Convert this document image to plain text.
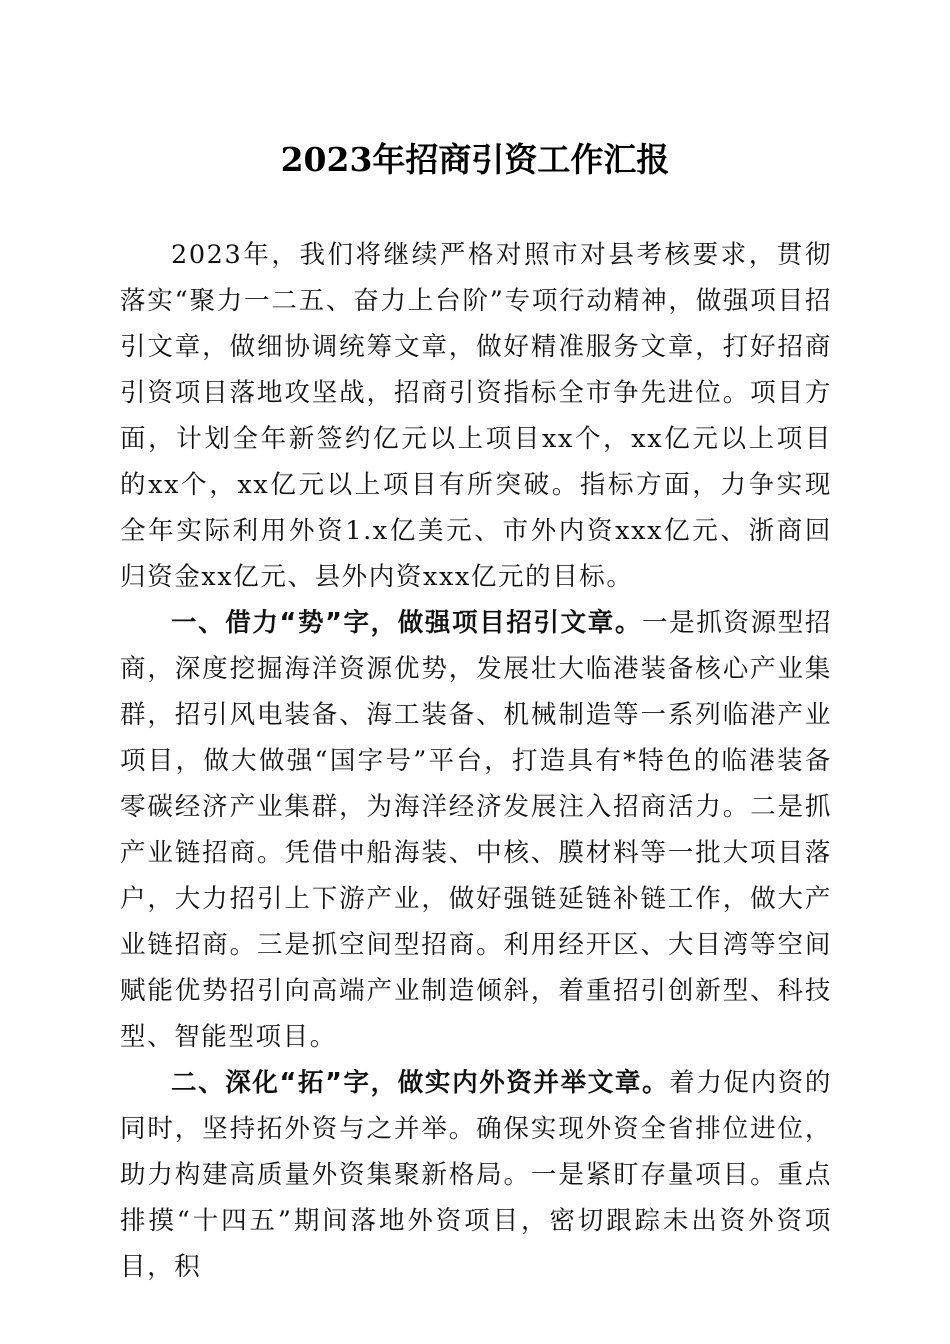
2023年招商引资工作汇报

2023年，我们将继续严格对照市对县考核要求，贯彻落实“聚力一二五、奋力上台阶”专项行动精神，做强项目招引文章，做细协调统筹文章，做好精准服务文章，打好招商引资项目落地攻坚战，招商引资指标全市争先进位。项目方面，计划全年新签约亿元以上项目xx个，xx亿元以上项目的xx个，xx亿元以上项目有所突破。指标方面，力争实现全年实际利用外资1.x亿美元、市外内资xxx亿元、浙商回归资金xx亿元、县外内资xxx亿元的目标。

一、借力“势”字，做强项目招引文章。一是抓资源型招商，深度挖掘海洋资源优势，发展壮大临港装备核心产业集群，招引风电装备、海工装备、机械制造等一系列临港产业项目，做大做强“国字号”平台，打造具有*特色的临港装备零碳经济产业集群，为海洋经济发展注入招商活力。二是抓产业链招商。凭借中船海装、中核、膜材料等一批大项目落户，大力招引上下游产业，做好强链延链补链工作，做大产业链招商。三是抓空间型招商。利用经开区、大目湾等空间赋能优势招引向高端产业制造倾斜，着重招引创新型、科技型、智能型项目。

二、深化“拓”字，做实内外资并举文章。着力促内资的同时，坚持拓外资与之并举。确保实现外资全省排位进位，助力构建高质量外资集聚新格局。一是紧盯存量项目。重点排摸“十四五”期间落地外资项目，密切跟踪未出资外资项目，积
